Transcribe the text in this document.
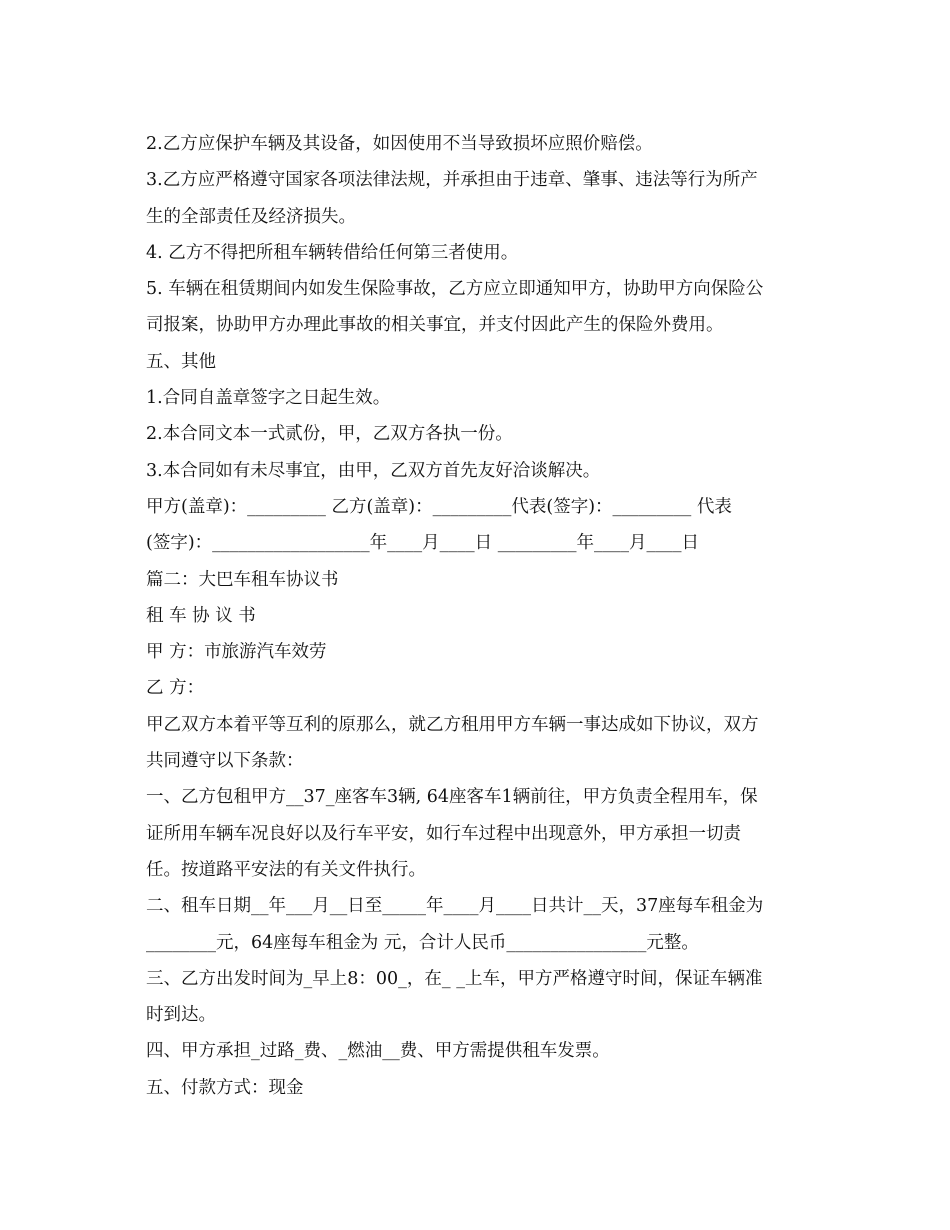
2.乙方应保护车辆及其设备，如因使用不当导致损坏应照价赔偿。
3.乙方应严格遵守国家各项法律法规，并承担由于违章、肇事、违法等行为所产
生的全部责任及经济损失。
4. 乙方不得把所租车辆转借给任何第三者使用。
5. 车辆在租赁期间内如发生保险事故，乙方应立即通知甲方，协助甲方向保险公
司报案，协助甲方办理此事故的相关事宜，并支付因此产生的保险外费用。
五、其他
1.合同自盖章签字之日起生效。
2.本合同文本一式贰份，甲，乙双方各执一份。
3.本合同如有未尽事宜，由甲，乙双方首先友好洽谈解决。
甲方(盖章)：_________ 乙方(盖章)：_________代表(签字)：_________ 代表
(签字)：__________________年____月____日 _________年____月____日
篇二：大巴车租车协议书
租 车 协 议 书
甲 方：市旅游汽车效劳
乙 方：
甲乙双方本着平等互利的原那么，就乙方租用甲方车辆一事达成如下协议，双方
共同遵守以下条款：
一、乙方包租甲方__37_座客车3辆, 64座客车1辆前往，甲方负责全程用车，保
证所用车辆车况良好以及行车平安，如行车过程中出现意外，甲方承担一切责
任。按道路平安法的有关文件执行。
二、租车日期__年___月__日至_____年____月____日共计__天，37座每车租金为
________元，64座每车租金为 元，合计人民币________________元整。
三、乙方出发时间为_早上8：00_，在_ _上车，甲方严格遵守时间，保证车辆准
时到达。
四、甲方承担_过路_费、_燃油__费、甲方需提供租车发票。
五、付款方式：现金
